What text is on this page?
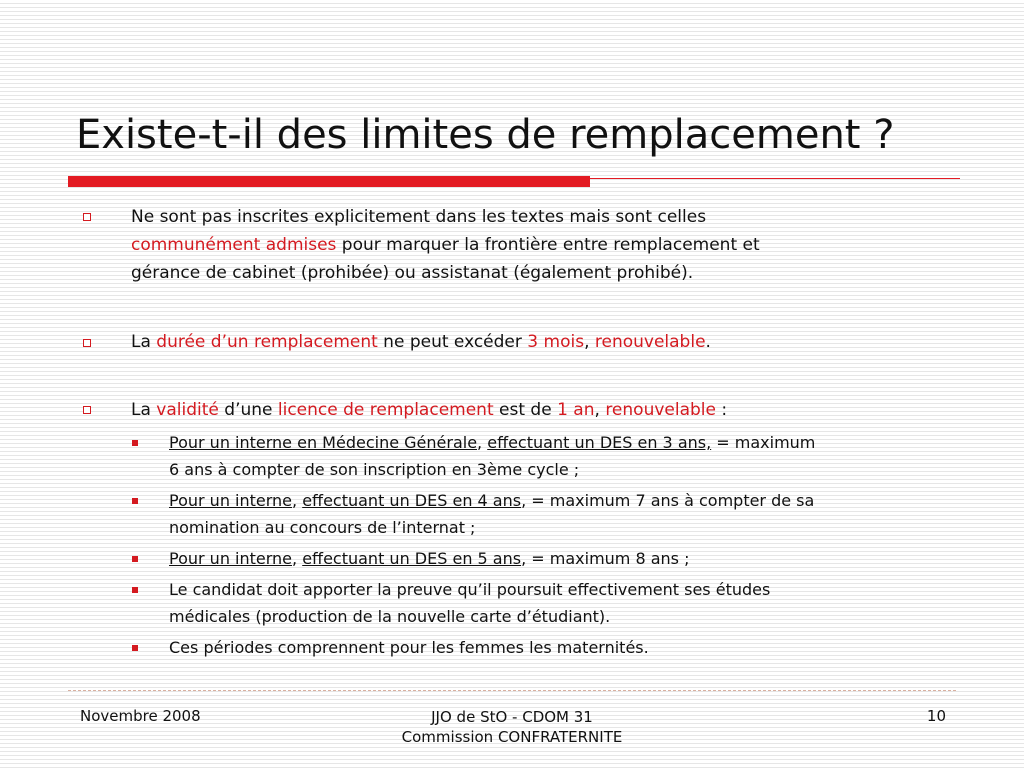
Existe-t-il des limites de remplacement ?
Ne sont pas inscrites explicitement dans les textes mais sont celles
communément admises pour marquer la frontière entre remplacement et
gérance de cabinet (prohibée) ou assistanat (également prohibé).
La durée d’un remplacement ne peut excéder 3 mois, renouvelable.
La validité d’une licence de remplacement est de 1 an, renouvelable :
Pour un interne en Médecine Générale, effectuant un DES en 3 ans, = maximum
6 ans à compter de son inscription en 3ème cycle ;
Pour un interne, effectuant un DES en 4 ans, = maximum 7 ans à compter de sa
nomination au concours de l’internat ;
Pour un interne, effectuant un DES en 5 ans, = maximum 8 ans ;
Le candidat doit apporter la preuve qu’il poursuit effectivement ses études
médicales (production de la nouvelle carte d’étudiant).
Ces périodes comprennent pour les femmes les maternités.
Novembre 2008	JJO de StO - CDOM 31
Commission CONFRATERNITE
10
